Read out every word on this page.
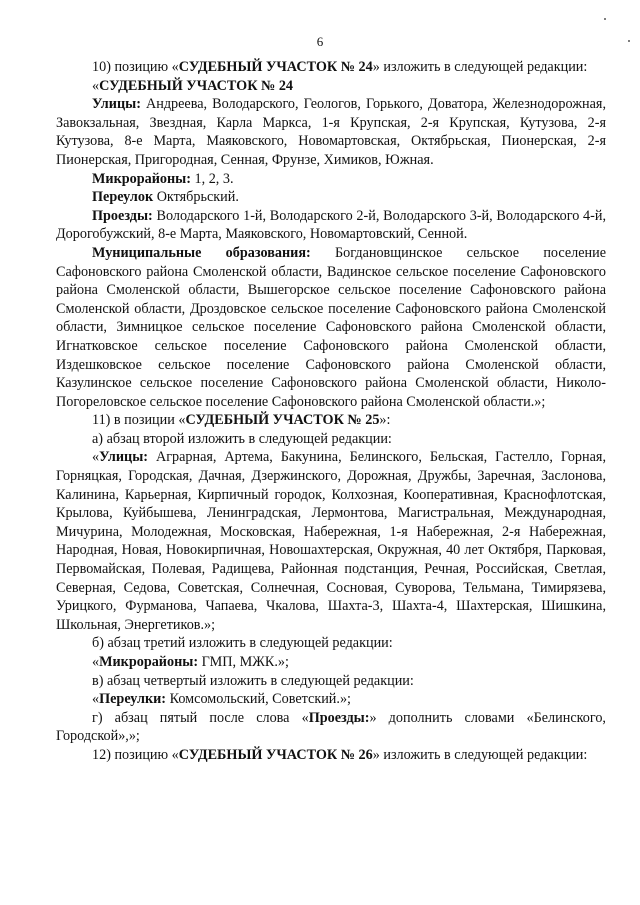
6

10) позицию «СУДЕБНЫЙ УЧАСТОК № 24» изложить в следующей редакции:

«СУДЕБНЫЙ УЧАСТОК № 24

Улицы: Андреева, Володарского, Геологов, Горького, Доватора, Железнодорожная, Завокзальная, Звездная, Карла Маркса, 1-я Крупская, 2-я Крупская, Кутузова, 2-я Кутузова, 8-е Марта, Маяковского, Новомартовская, Октябрьская, Пионерская, 2-я Пионерская, Пригородная, Сенная, Фрунзе, Химиков, Южная.

Микрорайоны: 1, 2, 3.

Переулок Октябрьский.

Проезды: Володарского 1-й, Володарского 2-й, Володарского 3-й, Володарского 4-й, Дорогобужский, 8-е Марта, Маяковского, Новомартовский, Сенной.

Муниципальные образования: Богдановщинское сельское поселение Сафоновского района Смоленской области, Вадинское сельское поселение Сафоновского района Смоленской области, Вышегорское сельское поселение Сафоновского района Смоленской области, Дроздовское сельское поселение Сафоновского района Смоленской области, Зимницкое сельское поселение Сафоновского района Смоленской области, Игнатковское сельское поселение Сафоновского района Смоленской области, Издешковское сельское поселение Сафоновского района Смоленской области, Казулинское сельское поселение Сафоновского района Смоленской области, Николо-Погореловское сельское поселение Сафоновского района Смоленской области.»;

11) в позиции «СУДЕБНЫЙ УЧАСТОК № 25»:

а) абзац второй изложить в следующей редакции:

«Улицы: Аграрная, Артема, Бакунина, Белинского, Бельская, Гастелло, Горная, Горняцкая, Городская, Дачная, Дзержинского, Дорожная, Дружбы, Заречная, Заслонова, Калинина, Карьерная, Кирпичный городок, Колхозная, Кооперативная, Краснофлотская, Крылова, Куйбышева, Ленинградская, Лермонтова, Магистральная, Международная, Мичурина, Молодежная, Московская, Набережная, 1-я Набережная, 2-я Набережная, Народная, Новая, Новокирпичная, Новошахтерская, Окружная, 40 лет Октября, Парковая, Первомайская, Полевая, Радищева, Районная подстанция, Речная, Российская, Светлая, Северная, Седова, Советская, Солнечная, Сосновая, Суворова, Тельмана, Тимирязева, Урицкого, Фурманова, Чапаева, Чкалова, Шахта-3, Шахта-4, Шахтерская, Шишкина, Школьная, Энергетиков.»;

б) абзац третий изложить в следующей редакции:

«Микрорайоны: ГМП, МЖК.»;

в) абзац четвертый изложить в следующей редакции:

«Переулки: Комсомольский, Советский.»;

г) абзац пятый после слова «Проезды:» дополнить словами «Белинского, Городской»,»;

12) позицию «СУДЕБНЫЙ УЧАСТОК № 26» изложить в следующей редакции:
